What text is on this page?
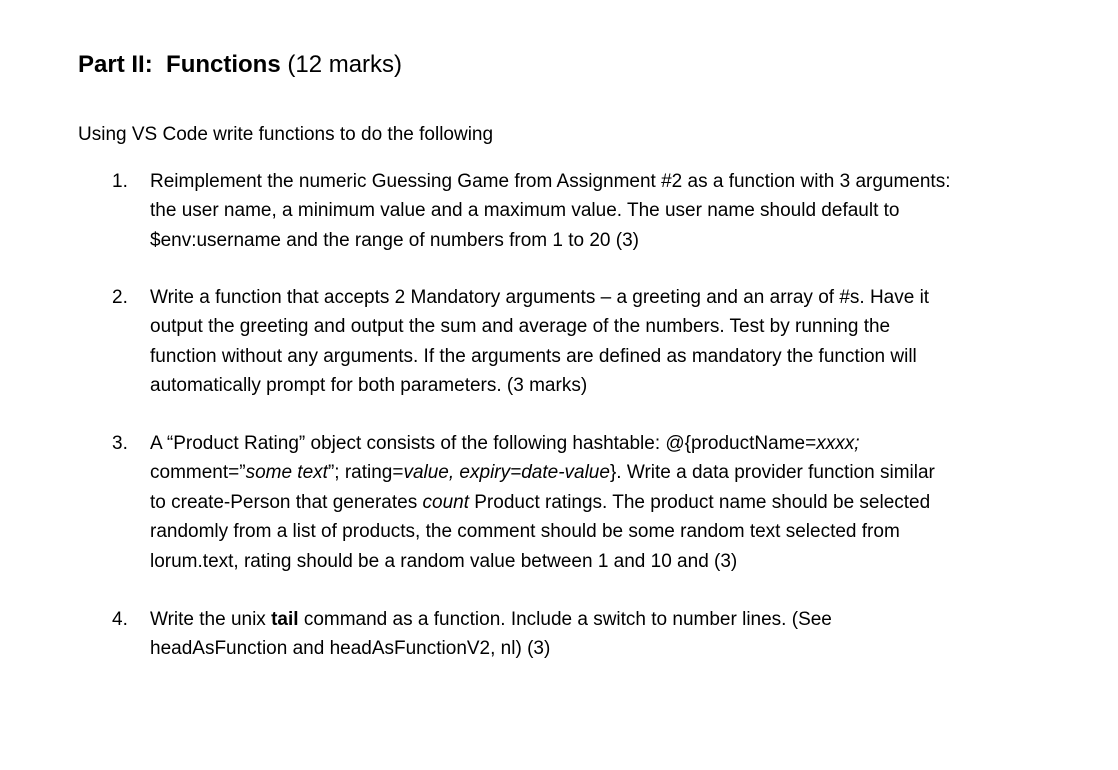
Part II: Functions (12 marks)
Using VS Code write functions to do the following
1. Reimplement the numeric Guessing Game from Assignment #2 as a function with 3 arguments:
the user name, a minimum value and a maximum value. The user name should default to
$env:username and the range of numbers from 1 to 20 (3)
2. Write a function that accepts 2 Mandatory arguments – a greeting and an array of #s. Have it
output the greeting and output the sum and average of the numbers. Test by running the
function without any arguments. If the arguments are defined as mandatory the function will
automatically prompt for both parameters. (3 marks)
3. A “Product Rating” object consists of the following hashtable: @{productName=xxxx;
comment=”some text”; rating=value, expiry=date-value}. Write a data provider function similar
to create-Person that generates count Product ratings. The product name should be selected
randomly from a list of products, the comment should be some random text selected from
lorum.text, rating should be a random value between 1 and 10 and (3)
4. Write the unix tail command as a function. Include a switch to number lines. (See
headAsFunction and headAsFunctionV2, nl) (3)
